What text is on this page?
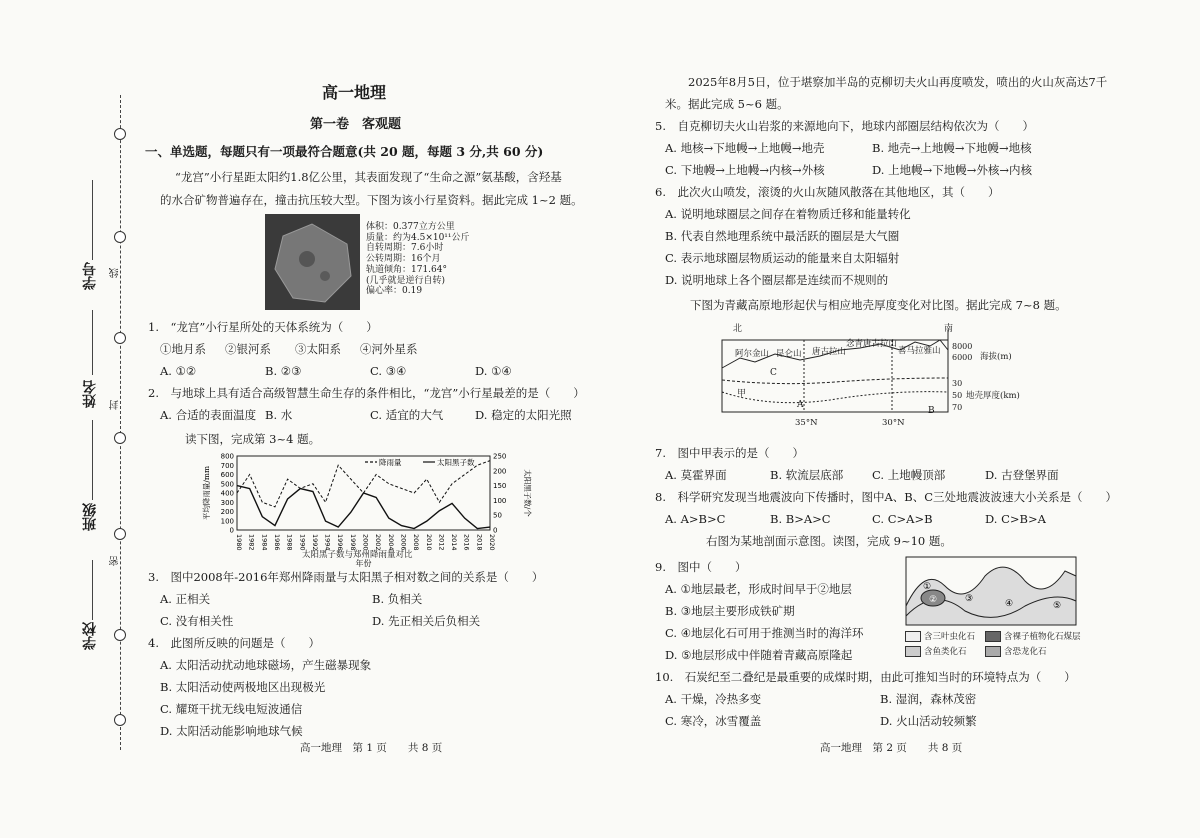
学号
姓名
班级
学校
线
封
密
高一地理
第一卷　客观题
一、单选题，每题只有一项最符合题意(共 20 题，每题 3 分,共 60 分)
“龙宫”小行星距太阳约1.8亿公里，其表面发现了“生命之源”氨基酸，含羟基
的水合矿物普遍存在，撞击抗压较大型。下图为该小行星资料。据此完成 1~2 题。
体积：0.377立方公里
质量：约为4.5×10¹¹公斤
自转周期：7.6小时
公转周期：16个月
轨道倾角：171.64°
(几乎就是逆行自转)
偏心率：0.19
1.　“龙宫”小行星所处的天体系统为（　　）
①地月系 ②银河系 ③太阳系 ④河外星系
A. ①②	B. ②③	C. ③④	D. ①④
2.　与地球上具有适合高级智慧生命生存的条件相比，“龙宫”小行星最差的是（　　）
A. 合适的表面温度 B. 水	C. 适宜的大气	D. 稳定的太阳光照
读下图，完成第 3~4 题。
0
100
200
300
400
500
600
700
800
0
50
100
150
200
250
1980 1982 1984 1986 1988 1990 1992 1994 1996 1998 2000 2002 2004 2006 2008 2010 2012 2014 2016 2018 2020
年份
平均降雨量/mm	太阳黑子数/个
降雨量	太阳黑子数
太阳黑子数与郑州降雨量对比
3.　图中2008年-2016年郑州降雨量与太阳黑子相对数之间的关系是（　　）
A. 正相关	B. 负相关
C. 没有相关性	D. 先正相关后负相关
4.　此图所反映的问题是（　　）
A. 太阳活动扰动地球磁场，产生磁暴现象
B. 太阳活动使两极地区出现极光
C. 耀斑干扰无线电短波通信
D. 太阳活动能影响地球气候
高一地理　第 1 页　　共 8 页
2025年8月5日，位于堪察加半岛的克柳切夫火山再度喷发，喷出的火山灰高达7千
米。据此完成 5~6 题。
5.　自克柳切夫火山岩浆的来源地向下，地球内部圈层结构依次为（　　）
A. 地核→下地幔→上地幔→地壳	B. 地壳→上地幔→下地幔→地核
C. 下地幔→上地幔→内核→外核	D. 上地幔→下地幔→外核→内核
6.　此次火山喷发，滚烫的火山灰随风散落在其他地区，其（　　）
A. 说明地球圈层之间存在着物质迁移和能量转化
B. 代表自然地理系统中最活跃的圈层是大气圈
C. 表示地球圈层物质运动的能量来自太阳辐射
D. 说明地球上各个圈层都是连续而不规则的
下图为青藏高原地形起伏与相应地壳厚度变化对比图。据此完成 7~8 题。
北	南
阿尔金山 昆仑山 唐古拉山
念青唐古拉山
喜马拉雅山 8000
6000 海拔(m)
30
50
70
地壳厚度(km)
甲
A
B
C
35°N	30°N
7.　图中甲表示的是（　　）
A. 莫霍界面	B. 软流层底部 C. 上地幔顶部	D. 古登堡界面
8.　科学研究发现当地震波向下传播时，图中A、B、C三处地震波波速大小关系是（　　）
A. A>B>C	B. B>A>C	C. C>A>B	D. C>B>A
右图为某地剖面示意图。读图，完成 9~10 题。
9.　图中（　　）
A. ①地层最老，形成时间早于②地层
B. ③地层主要形成铁矿期
C. ④地层化石可用于推测当时的海洋环
D. ⑤地层形成中伴随着青藏高原隆起
②
①
③	④	⑤
含三叶虫化石	含裸子植物化石煤层
含鱼类化石	含恐龙化石
10.　石炭纪至二叠纪是最重要的成煤时期，由此可推知当时的环境特点为（　　）
A. 干燥，冷热多变	B. 湿润，森林茂密
C. 寒冷，冰雪覆盖	D. 火山活动较频繁
高一地理　第 2 页　　共 8 页
